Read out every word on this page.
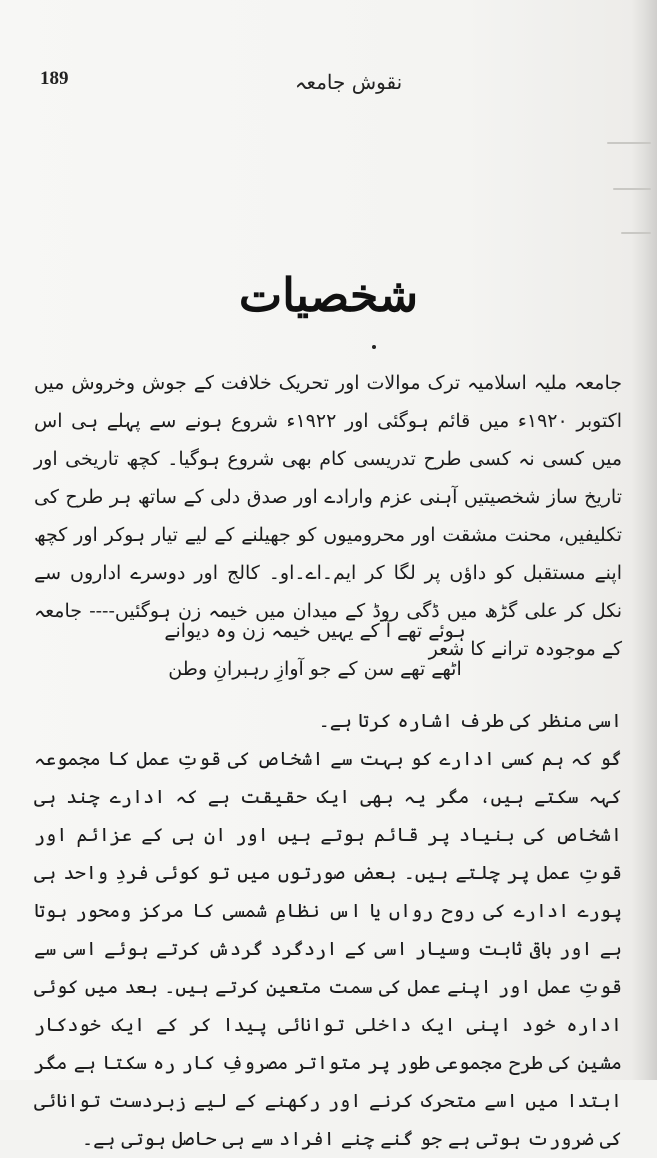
189	نقوش جامعہ
شخصیات
جامعہ ملیہ اسلامیہ ترک موالات اور تحریک خلافت کے جوش وخروش میں اکتوبر ۱۹۲۰ء میں قائم ہوگئی اور ۱۹۲۲ء شروع ہونے سے پہلے ہی اس میں کسی نہ کسی طرح تدریسی کام بھی شروع ہوگیا۔ کچھ تاریخی اور تاریخ ساز شخصیتیں آہنی عزم وارادے اور صدق دلی کے ساتھ ہر طرح کی تکلیفیں، محنت مشقت اور محرومیوں کو جھیلنے کے لیے تیار ہوکر اور کچھ اپنے مستقبل کو داؤں پر لگا کر ایم۔اے۔او۔ کالج اور دوسرے اداروں سے نکل کر علی گڑھ میں ڈگی روڈ کے میدان میں خیمہ زن ہوگئیں---- جامعہ کے موجودہ ترانے کا شعر
ہوئے تھے آ کے یہیں خیمہ زن وہ دیوانے
اٹھے تھے سن کے جو آوازِ رہبرانِ وطن
اسی منظر کی طرف اشارہ کرتا ہے۔
گو کہ ہم کسی ادارے کو بہت سے اشخاص کی قوتِ عمل کا مجموعہ کہہ سکتے ہیں، مگر یہ بھی ایک حقیقت ہے کہ ادارے چند ہی اشخاص کی بنیاد پر قائم ہوتے ہیں اور ان ہی کے عزائم اور قوتِ عمل پر چلتے ہیں۔ بعض صورتوں میں تو کوئی فردِ واحد ہی پورے ادارے کی روح رواں یا اس نظامِ شمسی کا مرکز ومحور ہوتا ہے اور باقی ثابت وسیار اسی کے اردگرد گردش کرتے ہوئے اسی سے قوتِ عمل اور اپنے عمل کی سمت متعین کرتے ہیں۔ بعد میں کوئی ادارہ خود اپنی ایک داخلی توانائی پیدا کر کے ایک خودکار مشین کی طرح مجموعی طور پر متواتر مصروفِ کار رہ سکتا ہے مگر ابتدا میں اسے متحرک کرنے اور رکھنے کے لیے زبردست توانائی کی ضرورت ہوتی ہے جو گنے چنے افراد سے ہی حاصل ہوتی ہے۔
